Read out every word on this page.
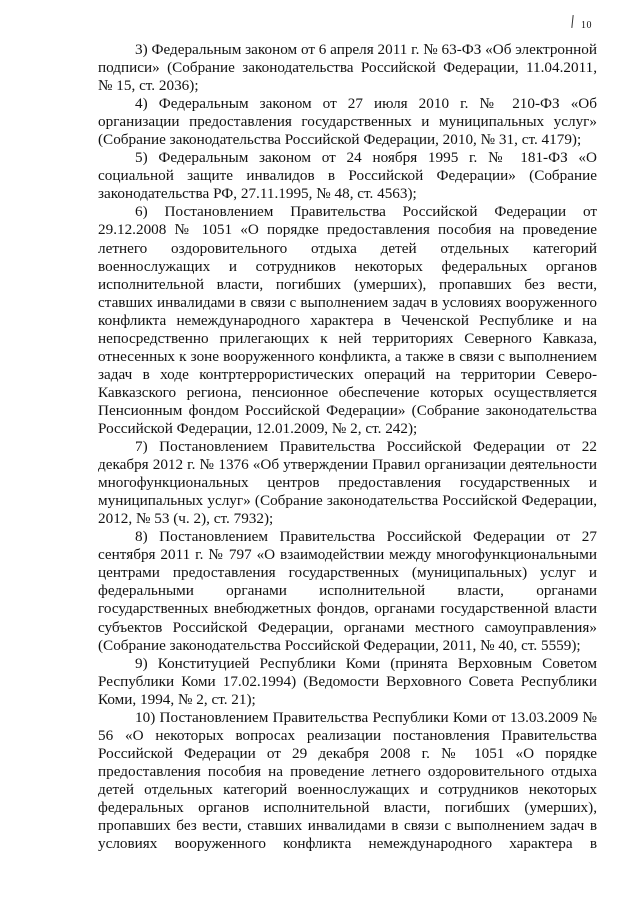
10

3) Федеральным законом от 6 апреля 2011 г. № 63-ФЗ «Об электронной подписи» (Собрание законодательства Российской Федерации, 11.04.2011, № 15, ст. 2036);

4) Федеральным законом от 27 июля 2010 г. № 210-ФЗ «Об организации предоставления государственных и муниципальных услуг» (Собрание законодательства Российской Федерации, 2010, № 31, ст. 4179);

5) Федеральным законом от 24 ноября 1995 г. № 181-ФЗ «О социальной защите инвалидов в Российской Федерации» (Собрание законодательства РФ, 27.11.1995, № 48, ст. 4563);

6) Постановлением Правительства Российской Федерации от 29.12.2008 № 1051 «О порядке предоставления пособия на проведение летнего оздоровительного отдыха детей отдельных категорий военнослужащих и сотрудников некоторых федеральных органов исполнительной власти, погибших (умерших), пропавших без вести, ставших инвалидами в связи с выполнением задач в условиях вооруженного конфликта немеждународного характера в Чеченской Республике и на непосредственно прилегающих к ней территориях Северного Кавказа, отнесенных к зоне вооруженного конфликта, а также в связи с выполнением задач в ходе контртеррористических операций на территории Северо-Кавказского региона, пенсионное обеспечение которых осуществляется Пенсионным фондом Российской Федерации» (Собрание законодательства Российской Федерации, 12.01.2009, № 2, ст. 242);

7) Постановлением Правительства Российской Федерации от 22 декабря 2012 г. № 1376 «Об утверждении Правил организации деятельности многофункциональных центров предоставления государственных и муниципальных услуг» (Собрание законодательства Российской Федерации, 2012, № 53 (ч. 2), ст. 7932);

8) Постановлением Правительства Российской Федерации от 27 сентября 2011 г. № 797 «О взаимодействии между многофункциональными центрами предоставления государственных (муниципальных) услуг и федеральными органами исполнительной власти, органами государственных внебюджетных фондов, органами государственной власти субъектов Российской Федерации, органами местного самоуправления» (Собрание законодательства Российской Федерации, 2011, № 40, ст. 5559);

9) Конституцией Республики Коми (принята Верховным Советом Республики Коми 17.02.1994) (Ведомости Верховного Совета Республики Коми, 1994, № 2, ст. 21);

10) Постановлением Правительства Республики Коми от 13.03.2009 № 56 «О некоторых вопросах реализации постановления Правительства Российской Федерации от 29 декабря 2008 г. № 1051 «О порядке предоставления пособия на проведение летнего оздоровительного отдыха детей отдельных категорий военнослужащих и сотрудников некоторых федеральных органов исполнительной власти, погибших (умерших), пропавших без вести, ставших инвалидами в связи с выполнением задач в условиях вооруженного конфликта немеждународного характера в
